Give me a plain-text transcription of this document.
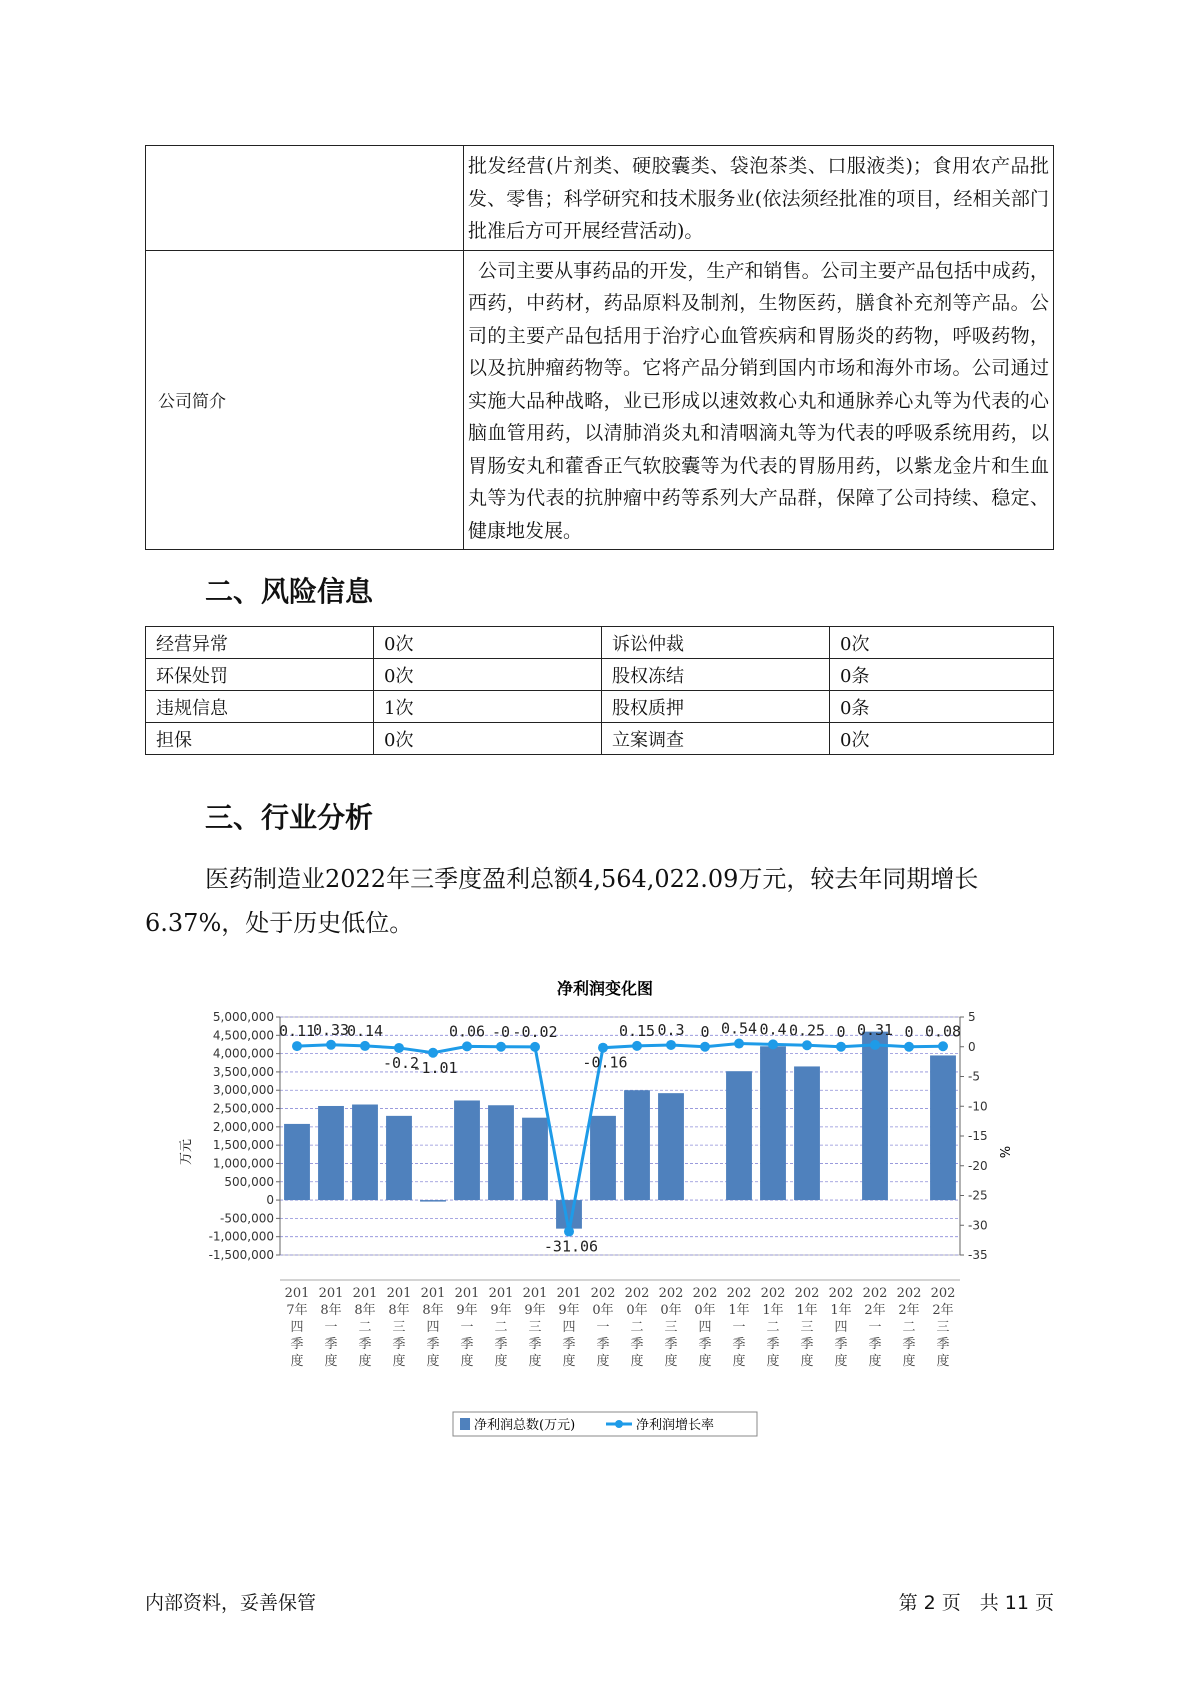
	批发经营(片剂类、硬胶囊类、袋泡茶类、口服液类)；食用农产品批发、零售；科学研究和技术服务业(依法须经批准的项目，经相关部门批准后方可开展经营活动)。
公司简介	公司主要从事药品的开发，生产和销售。公司主要产品包括中成药，西药，中药材，药品原料及制剂，生物医药，膳食补充剂等产品。公司的主要产品包括用于治疗心血管疾病和胃肠炎的药物，呼吸药物，以及抗肿瘤药物等。它将产品分销到国内市场和海外市场。公司通过实施大品种战略，业已形成以速效救心丸和通脉养心丸等为代表的心脑血管用药，以清肺消炎丸和清咽滴丸等为代表的呼吸系统用药，以胃肠安丸和藿香正气软胶囊等为代表的胃肠用药，以紫龙金片和生血丸等为代表的抗肿瘤中药等系列大产品群，保障了公司持续、稳定、健康地发展。
二、风险信息
经营异常	0次	诉讼仲裁	0次
环保处罚	0次	股权冻结	0条
违规信息	1次	股权质押	0条
担保	0次	立案调查	0次
三、行业分析

医药制造业2022年三季度盈利总额4,564,022.09万元，较去年同期增长6.37%，处于历史低位。

净利润变化图
5,000,000
4,500,000
4,000,000
3,500,000
3,000,000
2,500,000
2,000,000
1,500,000
1,000,000
500,000
0
-500,000
-1,000,000
-1,500,000
5
0
-5
-10
-15
-20
-25
-30
-35
0.11
0.33
0.14
-0.2
-1.01
0.06 -0 -0.02
-31.06
-0.16
0.15 0.3 0 0.54 0.4 0.25 0 0.31 0 0.08
201 7年四季度
201 8年一季度
201 8年二季度
201 8年三季度
201 8年四季度
201 9年一季度
201 9年二季度
201 9年三季度
201 9年四季度
202 0年一季度
202 0年二季度
202 0年三季度
202 0年四季度
202 1年一季度
202 1年二季度
202 1年三季度
202 1年四季度
202 2年一季度
202 2年二季度
202 2年三季度
万元	%
净利润总数(万元)	净利润增长率
内部资料，妥善保管	第 2 页　共 11 页
